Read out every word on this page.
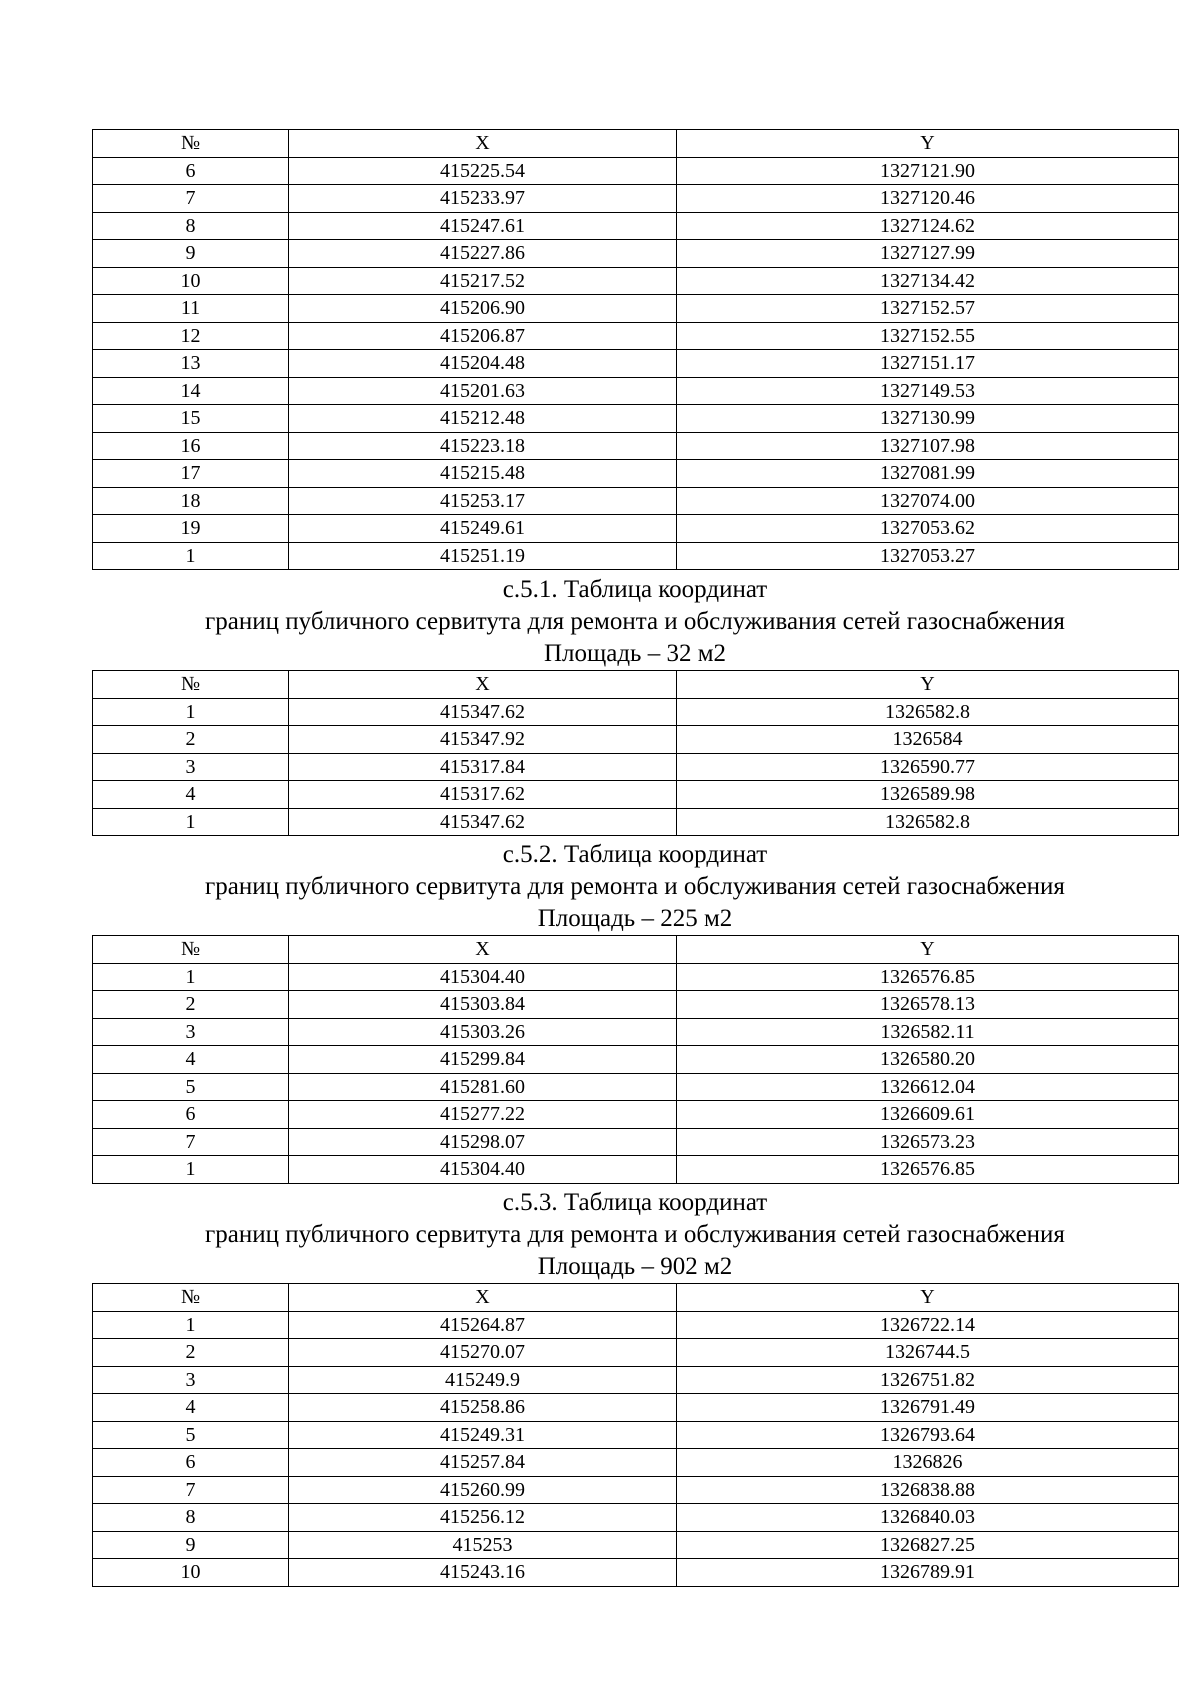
№	X	Y
6	415225.54	1327121.90
7	415233.97	1327120.46
8	415247.61	1327124.62
9	415227.86	1327127.99
10	415217.52	1327134.42
11	415206.90	1327152.57
12	415206.87	1327152.55
13	415204.48	1327151.17
14	415201.63	1327149.53
15	415212.48	1327130.99
16	415223.18	1327107.98
17	415215.48	1327081.99
18	415253.17	1327074.00
19	415249.61	1327053.62
1	415251.19	1327053.27
с.5.1. Таблица координат
границ публичного сервитута для ремонта и обслуживания сетей газоснабжения
Площадь – 32 м2
№	X	Y
1	415347.62	1326582.8
2	415347.92	1326584
3	415317.84	1326590.77
4	415317.62	1326589.98
1	415347.62	1326582.8
с.5.2. Таблица координат
границ публичного сервитута для ремонта и обслуживания сетей газоснабжения
Площадь – 225 м2
№	X	Y
1	415304.40	1326576.85
2	415303.84	1326578.13
3	415303.26	1326582.11
4	415299.84	1326580.20
5	415281.60	1326612.04
6	415277.22	1326609.61
7	415298.07	1326573.23
1	415304.40	1326576.85
с.5.3. Таблица координат
границ публичного сервитута для ремонта и обслуживания сетей газоснабжения
Площадь – 902 м2
№	X	Y
1	415264.87	1326722.14
2	415270.07	1326744.5
3	415249.9	1326751.82
4	415258.86	1326791.49
5	415249.31	1326793.64
6	415257.84	1326826
7	415260.99	1326838.88
8	415256.12	1326840.03
9	415253	1326827.25
10	415243.16	1326789.91
